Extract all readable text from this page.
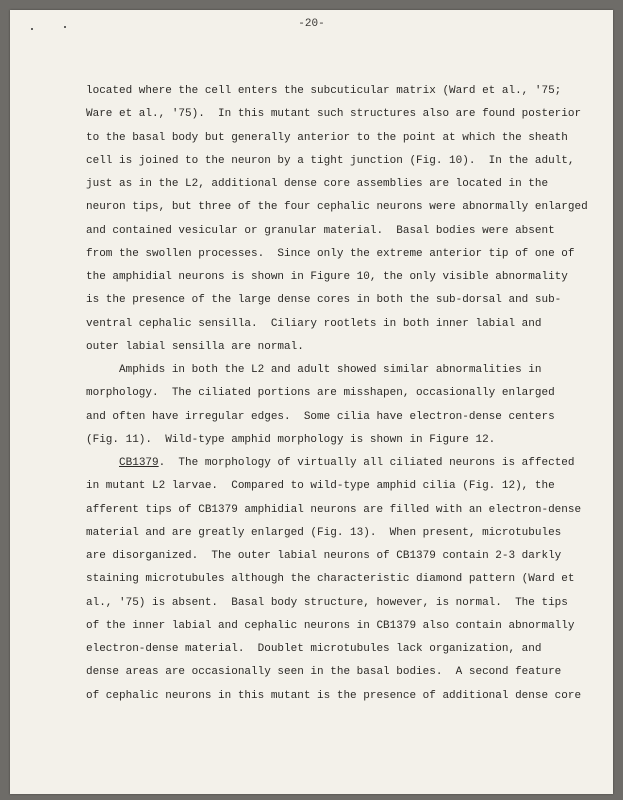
-20-
located where the cell enters the subcuticular matrix (Ward et al., '75;
Ware et al., '75).  In this mutant such structures also are found posterior
to the basal body but generally anterior to the point at which the sheath
cell is joined to the neuron by a tight junction (Fig. 10).  In the adult,
just as in the L2, additional dense core assemblies are located in the
neuron tips, but three of the four cephalic neurons were abnormally enlarged
and contained vesicular or granular material.  Basal bodies were absent
from the swollen processes.  Since only the extreme anterior tip of one of
the amphidial neurons is shown in Figure 10, the only visible abnormality
is the presence of the large dense cores in both the sub-dorsal and sub-
ventral cephalic sensilla.  Ciliary rootlets in both inner labial and
outer labial sensilla are normal.
Amphids in both the L2 and adult showed similar abnormalities in
morphology.  The ciliated portions are misshapen, occasionally enlarged
and often have irregular edges.  Some cilia have electron-dense centers
(Fig. 11).  Wild-type amphid morphology is shown in Figure 12.
CB1379.  The morphology of virtually all ciliated neurons is affected
in mutant L2 larvae.  Compared to wild-type amphid cilia (Fig. 12), the
afferent tips of CB1379 amphidial neurons are filled with an electron-dense
material and are greatly enlarged (Fig. 13).  When present, microtubules
are disorganized.  The outer labial neurons of CB1379 contain 2-3 darkly
staining microtubules although the characteristic diamond pattern (Ward et
al., '75) is absent.  Basal body structure, however, is normal.  The tips
of the inner labial and cephalic neurons in CB1379 also contain abnormally
electron-dense material.  Doublet microtubules lack organization, and
dense areas are occasionally seen in the basal bodies.  A second feature
of cephalic neurons in this mutant is the presence of additional dense core
